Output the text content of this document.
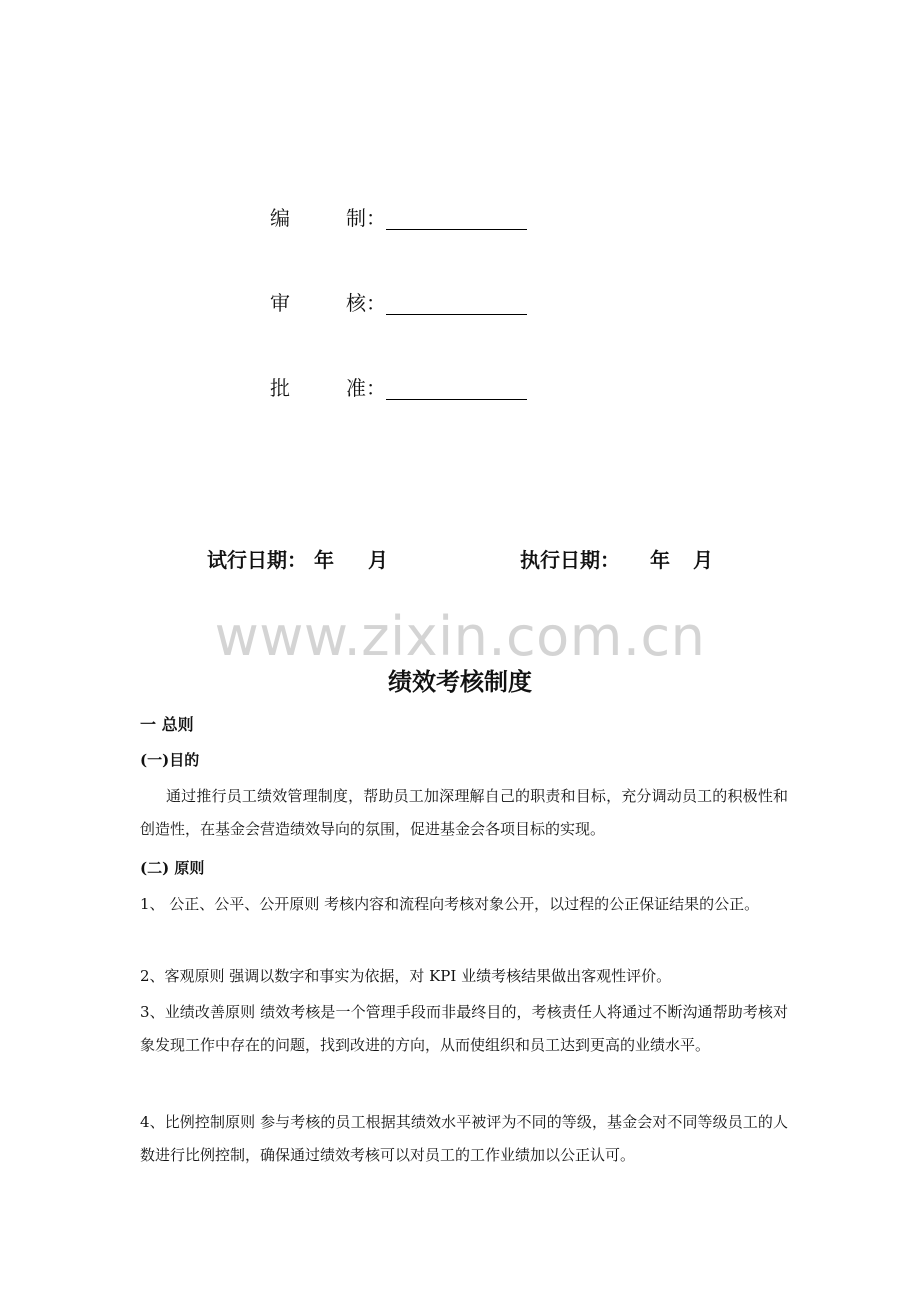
编	制：
审	核：
批	准：
试行日期： 年 月	执行日期： 年 月
www.zixin.com.cn
绩效考核制度
一 总则
(一)目的
通过推行员工绩效管理制度，帮助员工加深理解自己的职责和目标，充分调动员工的积极性和创造性，在基金会营造绩效导向的氛围，促进基金会各项目标的实现。
(二) 原则
1、 公正、公平、公开原则 考核内容和流程向考核对象公开，以过程的公正保证结果的公正。
2、客观原则 强调以数字和事实为依据，对 KPI 业绩考核结果做出客观性评价。
3、业绩改善原则 绩效考核是一个管理手段而非最终目的，考核责任人将通过不断沟通帮助考核对象发现工作中存在的问题，找到改进的方向，从而使组织和员工达到更高的业绩水平。
4、比例控制原则 参与考核的员工根据其绩效水平被评为不同的等级，基金会对不同等级员工的人数进行比例控制，确保通过绩效考核可以对员工的工作业绩加以公正认可。
